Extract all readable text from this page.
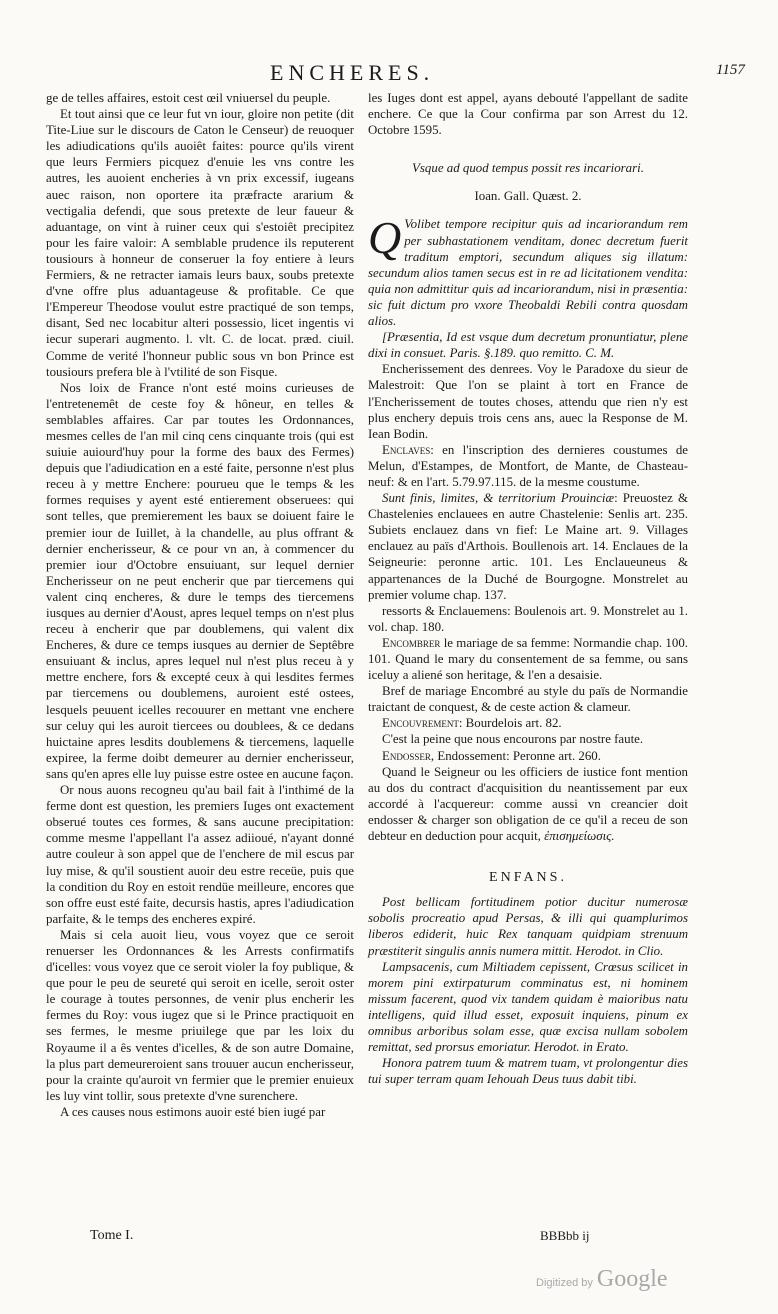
ENCHERES.	1157

ge de telles affaires, estoit cest œil vniuersel du peuple.

Et tout ainsi que ce leur fut vn iour, gloire non petite (dit Tite-Liue sur le discours de Caton le Censeur) de reuoquer les adiudications qu'ils auoiêt faites: pource qu'ils virent que leurs Fermiers picquez d'enuie les vns contre les autres, les auoient encheries à vn prix excessif, iugeans auec raison, non oportere ita præfracte ararium & vectigalia defendi, que sous pretexte de leur faueur & aduantage, on vint à ruiner ceux qui s'estoiêt precipitez pour les faire valoir: A semblable prudence ils reputerent tousiours à honneur de conseruer la foy entiere à leurs Fermiers, & ne retracter iamais leurs baux, soubs pretexte d'vne offre plus aduantageuse & profitable. Ce que l'Empereur Theodose voulut estre practiqué de son temps, disant, Sed nec locabitur alteri possessio, licet ingentis vi iecur superari augmento. l. vlt. C. de locat. præd. ciuil. Comme de verité l'honneur public sous vn bon Prince est tousiours prefera ble à l'vtilité de son Fisque.

Nos loix de France n'ont esté moins curieuses de l'entretenemêt de ceste foy & hôneur, en telles & semblables affaires. Car par toutes les Ordonnances, mesmes celles de l'an mil cinq cens cinquante trois (qui est suiuie auiourd'huy pour la forme des baux des Fermes) depuis que l'adiudication en a esté faite, personne n'est plus receu à y mettre Enchere: pourueu que le temps & les formes requises y ayent esté entierement obseruees: qui sont telles, que premierement les baux se doiuent faire le premier iour de Iuillet, à la chandelle, au plus offrant & dernier encherisseur, & ce pour vn an, à commencer du premier iour d'Octobre ensuiuant, sur lequel dernier Encherisseur on ne peut encherir que par tiercemens qui valent cinq encheres, & dure le temps des tiercemens iusques au dernier d'Aoust, apres lequel temps on n'est plus receu à encherir que par doublemens, qui valent dix Encheres, & dure ce temps iusques au dernier de Septêbre ensuiuant & inclus, apres lequel nul n'est plus receu à y mettre enchere, fors & excepté ceux à qui lesdites fermes par tiercemens ou doublemens, auroient esté ostees, lesquels peuuent icelles recouurer en mettant vne enchere sur celuy qui les auroit tiercees ou doublees, & ce dedans huictaine apres lesdits doublemens & tiercemens, laquelle expiree, la ferme doibt demeurer au dernier encherisseur, sans qu'en apres elle luy puisse estre ostee en aucune façon.

Or nous auons recogneu qu'au bail fait à l'inthimé de la ferme dont est question, les premiers Iuges ont exactement obserué toutes ces formes, & sans aucune precipitation: comme mesme l'appellant l'a assez adiioué, n'ayant donné autre couleur à son appel que de l'enchere de mil escus par luy mise, & qu'il soustient auoir deu estre receüe, puis que la condition du Roy en estoit rendüe meilleure, encores que son offre eust esté faite, decursis hastis, apres l'adiudication parfaite, & le temps des encheres expiré.

Mais si cela auoit lieu, vous voyez que ce seroit renuerser les Ordonnances & les Arrests confirmatifs d'icelles: vous voyez que ce seroit violer la foy publique, & que pour le peu de seureté qui seroit en icelle, seroit oster le courage à toutes personnes, de venir plus encherir les fermes du Roy: vous iugez que si le Prince practiquoit en ses fermes, le mesme priuilege que par les loix du Royaume il a ês ventes d'icelles, & de son autre Domaine, la plus part demeureroient sans trouuer aucun encherisseur, pour la crainte qu'auroit vn fermier que le premier enuieux les luy vint tollir, sous pretexte d'vne surenchere.

A ces causes nous estimons auoir esté bien iugé par

les Iuges dont est appel, ayans debouté l'appellant de sadite enchere. Ce que la Cour confirma par son Arrest du 12. Octobre 1595.

Vsque ad quod tempus possit res incariorari.

Ioan. Gall. Quæst. 2.

Q Volibet tempore recipitur quis ad incariorandum rem per subhastationem venditam, donec decretum fuerit traditum emptori, secundum aliques sig illatum: secundum alios tamen secus est in re ad licitationem vendita: quia non admittitur quis ad incariorandum, nisi in præsentia: sic fuit dictum pro vxore Theobaldi Rebili contra quosdam alios.

[Præsentia, Id est vsque dum decretum pronuntiatur, plene dixi in consuet. Paris. §.189. quo remitto. C. M.

Encherissement des denrees. Voy le Paradoxe du sieur de Malestroit: Que l'on se plaint à tort en France de l'Encherissement de toutes choses, attendu que rien n'y est plus enchery depuis trois cens ans, auec la Response de M. Iean Bodin.

Enclaves: en l'inscription des dernieres coustumes de Melun, d'Estampes, de Montfort, de Mante, de Chasteau-neuf: & en l'art. 5.79.97.115. de la mesme coustume.

Sunt finis, limites, & territorium Prouinciæ: Preuostez & Chastelenies enclauees en autre Chastelenie: Senlis art. 235. Subiets enclauez dans vn fief: Le Maine art. 9. Villages enclauez au païs d'Arthois. Boullenois art. 14. Enclaues de la Seigneurie: peronne artic. 101. Les Enclaueuneus & appartenances de la Duché de Bourgogne. Monstrelet au premier volume chap. 137.

ressorts & Enclauemens: Boulenois art. 9. Monstrelet au 1. vol. chap. 180.

Encombrer le mariage de sa femme: Normandie chap. 100. 101. Quand le mary du consentement de sa femme, ou sans iceluy a aliené son heritage, & l'en a desaisie.

Bref de mariage Encombré au style du païs de Normandie traictant de conquest, & de ceste action & clameur.

Encouvrement: Bourdelois art. 82.

C'est la peine que nous encourons par nostre faute.

Endosser, Endossement: Peronne art. 260.

Quand le Seigneur ou les officiers de iustice font mention au dos du contract d'acquisition du neantissement par eux accordé à l'acquereur: comme aussi vn creancier doit endosser & charger son obligation de ce qu'il a receu de son debteur en deduction pour acquit, ἐπισημείωσις.

ENFANS.

Post bellicam fortitudinem potior ducitur numerosæ sobolis procreatio apud Persas, & illi qui quamplurimos liberos ediderit, huic Rex tanquam quidpiam strenuum præstiterit singulis annis numera mittit. Herodot. in Clio.

Lampsacenis, cum Miltiadem cepissent, Crœsus scilicet in morem pini extirpaturum comminatus est, ni hominem missum facerent, quod vix tandem quidam è maioribus natu intelligens, quid illud esset, exposuit inquiens, pinum ex omnibus arboribus solam esse, quæ excisa nullam sobolem remittat, sed prorsus emoriatur. Herodot. in Erato.

Honora patrem tuum & matrem tuam, vt prolongentur dies tui super terram quam Iehouah Deus tuus dabit tibi.

Tome I.	BBBbb ij
Digitized by Google
